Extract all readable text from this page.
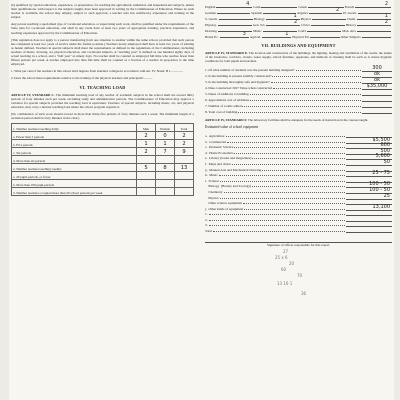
(b) qualified, by special education, experience, or preparation, for teaching the agricultural, industrial, and household-arts subjects, unless their qualifications, with respect to the subjects taught, have been approved in writing by the Commissioner of Education. Where no such teacher is available, the school may employ, subject to such approval, a teacher who has satisfactory experience and training in the subject.

Any person teaching a specialized type of vocational education, or supervising such work, shall be qualified under the requirements of the State plan for vocational education, and shall in any event have at least two years of appropriate training, practical experience, and teaching experience approved by the Commissioner of Education.

(This regulation does not apply to a person transferring from one situation to another within the same school, provided that such person has completed at least two years of service under the former position.) Teachers newly employed shall have at least two years of training as herein defined. Teachers in special subjects shall meet the requirements as defined in the regulations of the Commissioner, including teachers of music, drawing, art, physical education, and vocational subjects. A "teaching year" is defined as one hundred eighty days of actual teaching in a school, and a "half year" as ninety days. No teacher shall be counted as employed full time who teaches fewer than fifteen periods per week. A teacher employed less than full time shall be counted as a fraction of a teacher in proportion to the time employed.

1. What per cent of the teachers in this school hold degrees from standard colleges in accordance with Art. IV, Stand. B 1...............

2. Does the school meet requirements relative to the training of the physical teachers and principals?...........

VI. TEACHING LOAD

ARTICLE IV, STANDARD C. The minimum teaching load of any teacher of academic subjects in the school shall not exceed thirty periods of forty minutes each per week, excluding study and administrative periods. The Commissioner of Education may approve a variation for special subjects provided the teaching load is equivalent. Teachers of special subjects, including music, art, and physical education, may carry a heavier teaching load where the school program requires it.

(No combination of such work should exceed in more than thirty-five periods of forty minutes each a week. The minimum length of a recitation period shall be forty minutes in the clear.)

1. Number teachers teaching daily:	Men	Women	Total
a. Fewer than 5 periods	2	0	2
b. Five periods	1	1	2
c. Six periods	2	7	9
d. More than six periods			
2. Number teachers teaching weekly:	5	8	13
a. 20 pupil-periods, or fewer			
b. More than 100 pupil-periods			
3. Number teachers occupied more than 20 school periods per week			
English	4 Latin	Greek	French	2
German	Spanish	Algebra	2 Pl. Geom.
S. Geom.	Biology	1 Physics	Chem.	1
Physiog.	Gen. Sci.	2 Civics	History	2
Drawing	Music	Com'l	Man. Arts
Home Ec.	3 Agricul.	1 Physical Ed.	Other Subjects
VII. BUILDINGS AND EQUIPMENT

ARTICLE IV, STANDARD E. The location and construction of the buildings, the lighting, heating and ventilation of the rooms, the nature of the lavatories, corridors, closets, water supply, school furniture, apparatus, and methods of cleaning shall be such as to insure hygienic conditions for both pupils and teachers.

1. Of what number of students was the present building designed?	300
2. Is the building at present suitably constructed?	ok
3. Is the building thoroughly safe and hygienic?	ok
4. Date constructed 1927 Value when constructed	$35,000
5. Dates of additions to building
6. Approximate cost of additions
7. Number of rooms added
8. Total cost of building

ARTICLE IV, STANDARD F. The laboratory facilities shall be adequate for the needs of instruction in the courses taught.

Estimated value of school equipment
a.  Agriculture
b.  Commercial	$5,500
c.  Domestic Science	600
d.  Home Economics	500
e.  Library (books and magazines)	5,600
f.  Maps and charts	50
g.  Manual Arts and Mechanical Drawing
h.  Music	25 - 75
i.  Science
Biology  (Botany and Zoology)	100 - 50
Chemistry	100 - 50
Physics	25
Other science equipment
j.  Other kinds of equipment	13,100
1.
2.
3.
Total
Signature of officer responsible for this report.
27
25 x 6
20
60
70
13 16 1
36
